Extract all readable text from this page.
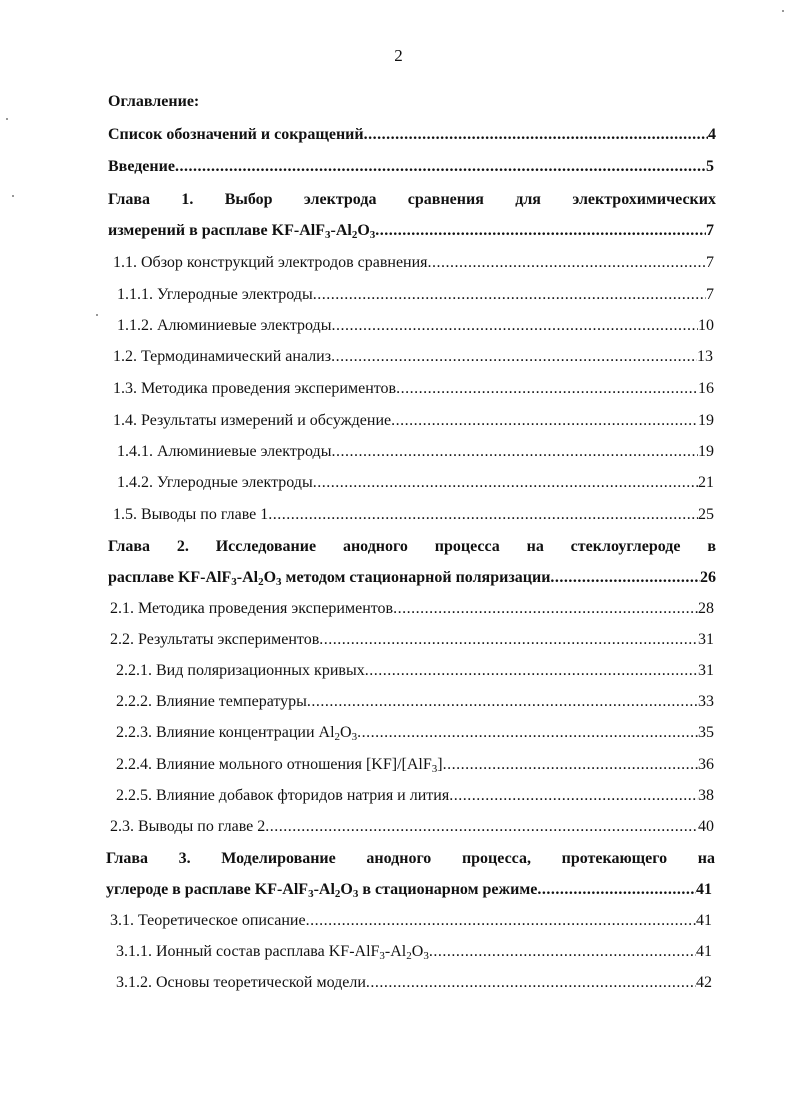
2
Оглавление:
Список обозначений и сокращений .....	4
Введение .....	5
Глава 1. Выбор электрода сравнения для электрохимических
измерений в расплаве $KF-AlF_3-Al_2O_3$ .....	7
1.1. Обзор конструкций электродов сравнения .....	7
1.1.1. Углеродные электроды .....	7
1.1.2. Алюминиевые электроды .....	10
1.2. Термодинамический анализ .....	13
1.3. Методика проведения экспериментов .....	16
1.4. Результаты измерений и обсуждение .....	19
1.4.1. Алюминиевые электроды .....	19
1.4.2. Углеродные электроды .....	21
1.5. Выводы по главе 1 .....	25
Глава 2. Исследование анодного процесса на стеклоуглероде в
расплаве $KF-AlF_3-Al_2O_3$ методом стационарной поляризации .....	26
2.1. Методика проведения экспериментов .....	28
2.2. Результаты экспериментов .....	31
2.2.1. Вид поляризационных кривых .....	31
2.2.2. Влияние температуры .....	33
2.2.3. Влияние концентрации $Al_2O_3$ .....	35
2.2.4. Влияние мольного отношения [KF]/[AlF$_3$] .....	36
2.2.5. Влияние добавок фторидов натрия и лития .....	38
2.3. Выводы по главе 2 .....	40
Глава 3. Моделирование анодного процесса, протекающего на
углероде в расплаве $KF-AlF_3-Al_2O_3$ в стационарном режиме .....	41
3.1. Теоретическое описание .....	41
3.1.1. Ионный состав расплава $KF-AlF_3-Al_2O_3$ .....	41
3.1.2. Основы теоретической модели .....	42
